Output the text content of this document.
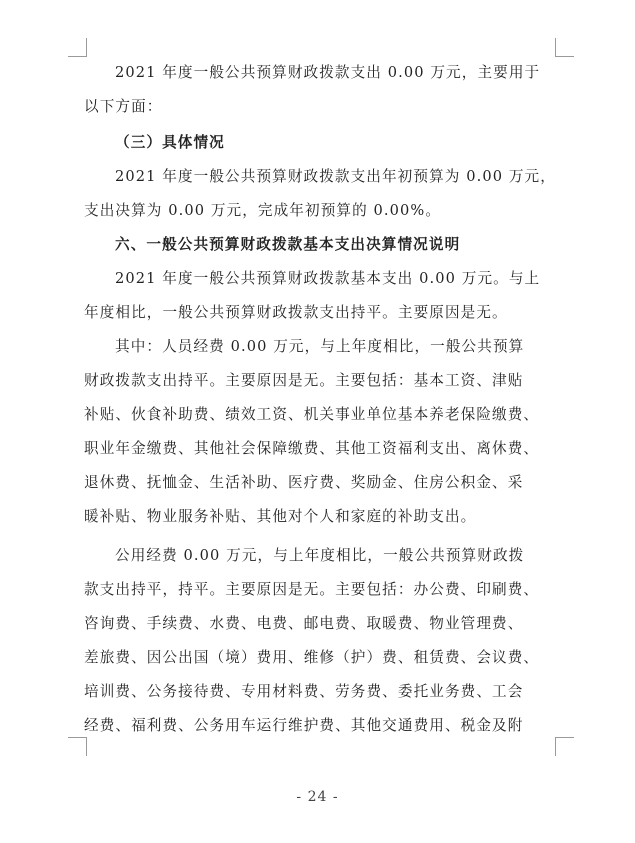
2021 年度一般公共预算财政拨款支出 0.00 万元，主要用于
以下方面：
（三）具体情况
2021 年度一般公共预算财政拨款支出年初预算为 0.00 万元，
支出决算为 0.00 万元，完成年初预算的 0.00%。
六、一般公共预算财政拨款基本支出决算情况说明
2021 年度一般公共预算财政拨款基本支出 0.00 万元。与上
年度相比，一般公共预算财政拨款支出持平。主要原因是无。
其中：人员经费 0.00 万元，与上年度相比，一般公共预算
财政拨款支出持平。主要原因是无。主要包括：基本工资、津贴
补贴、伙食补助费、绩效工资、机关事业单位基本养老保险缴费、
职业年金缴费、其他社会保障缴费、其他工资福利支出、离休费、
退休费、抚恤金、生活补助、医疗费、奖励金、住房公积金、采
暖补贴、物业服务补贴、其他对个人和家庭的补助支出。
公用经费 0.00 万元，与上年度相比，一般公共预算财政拨
款支出持平，持平。主要原因是无。主要包括：办公费、印刷费、
咨询费、手续费、水费、电费、邮电费、取暖费、物业管理费、
差旅费、因公出国（境）费用、维修（护）费、租赁费、会议费、
培训费、公务接待费、专用材料费、劳务费、委托业务费、工会
经费、福利费、公务用车运行维护费、其他交通费用、税金及附
- 24 -
